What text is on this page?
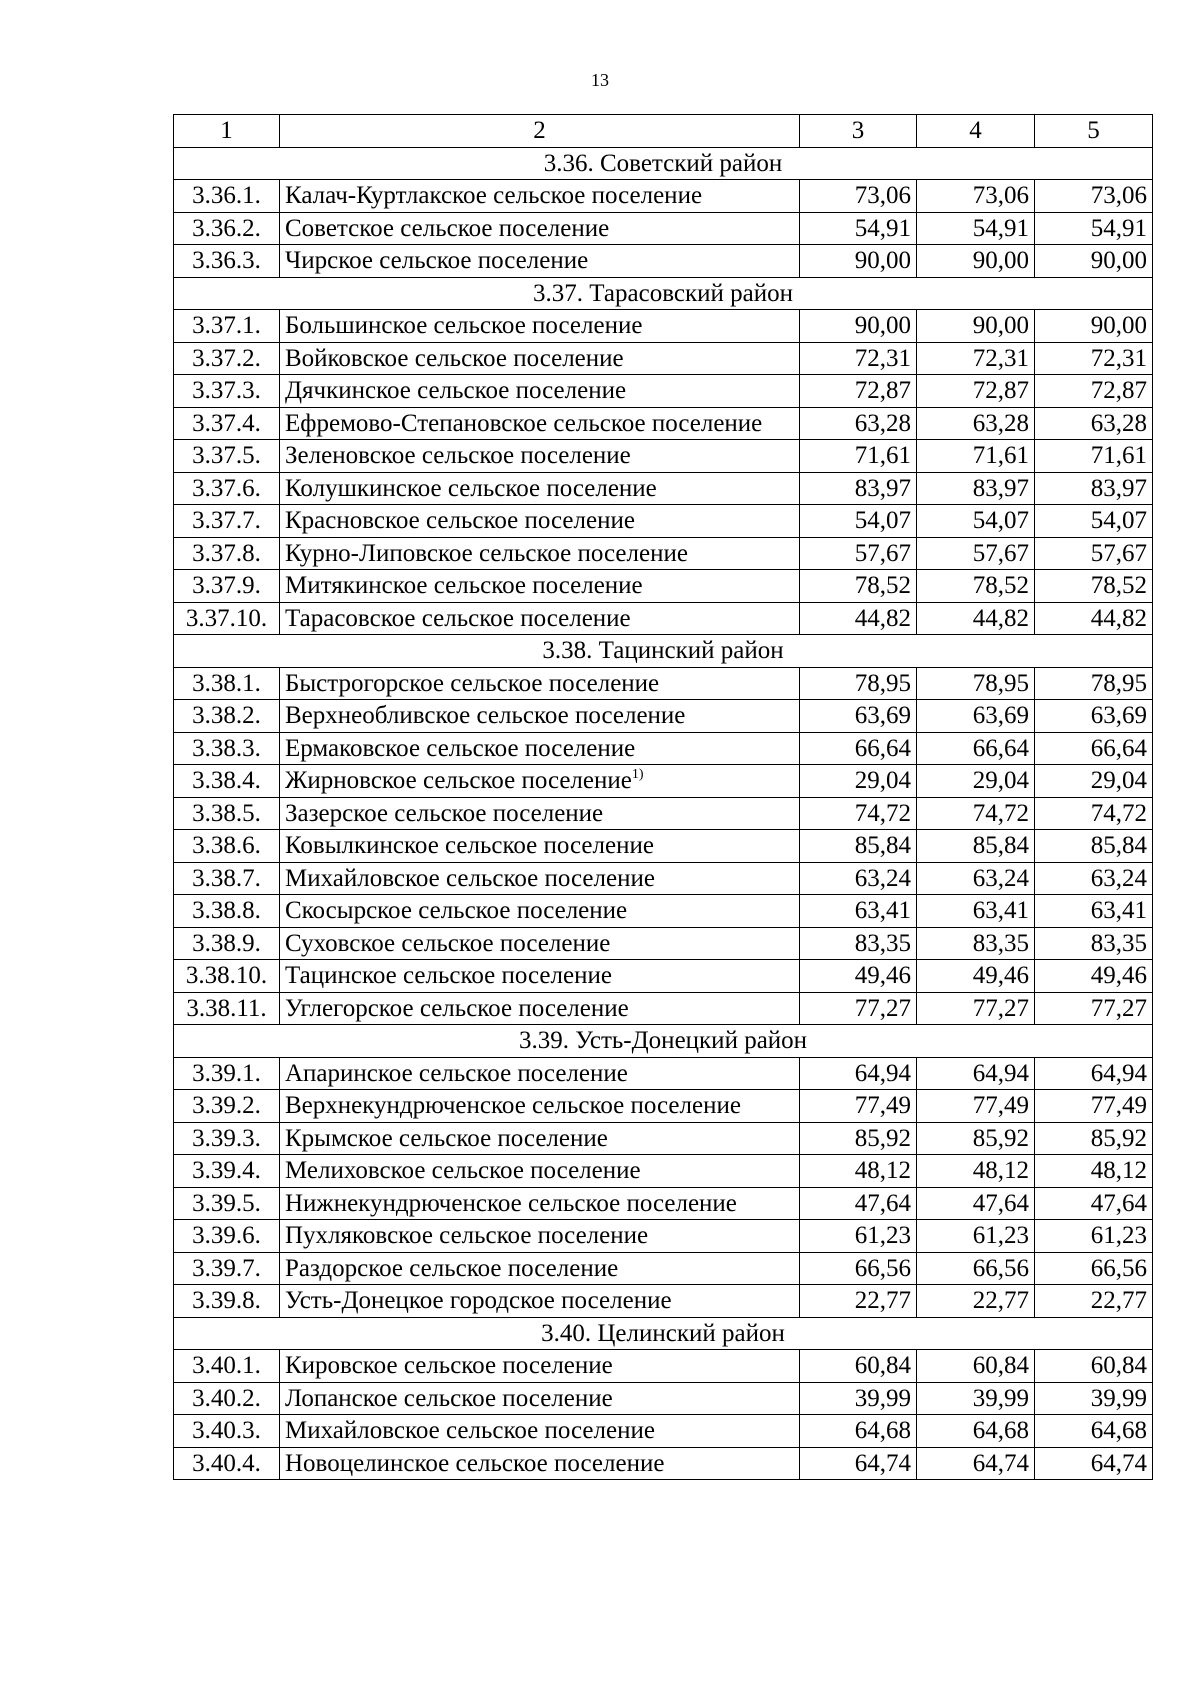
13
1	2	3	4	5
3.36. Советский район				
3.36.1.	Калач-Куртлакское сельское поселение	73,06	73,06	73,06
3.36.2.	Советское сельское поселение	54,91	54,91	54,91
3.36.3.	Чирское сельское поселение	90,00	90,00	90,00
3.37. Тарасовский район				
3.37.1.	Большинское сельское поселение	90,00	90,00	90,00
3.37.2.	Войковское сельское поселение	72,31	72,31	72,31
3.37.3.	Дячкинское сельское поселение	72,87	72,87	72,87
3.37.4.	Ефремово-Степановское сельское поселение	63,28	63,28	63,28
3.37.5.	Зеленовское сельское поселение	71,61	71,61	71,61
3.37.6.	Колушкинское сельское поселение	83,97	83,97	83,97
3.37.7.	Красновское сельское поселение	54,07	54,07	54,07
3.37.8.	Курно-Липовское сельское поселение	57,67	57,67	57,67
3.37.9.	Митякинское сельское поселение	78,52	78,52	78,52
3.37.10.	Тарасовское сельское поселение	44,82	44,82	44,82
3.38. Тацинский район				
3.38.1.	Быстрогорское сельское поселение	78,95	78,95	78,95
3.38.2.	Верхнеобливское сельское поселение	63,69	63,69	63,69
3.38.3.	Ермаковское сельское поселение	66,64	66,64	66,64
3.38.4.	Жирновское сельское поселение$^{1)}$	29,04	29,04	29,04
3.38.5.	Зазерское сельское поселение	74,72	74,72	74,72
3.38.6.	Ковылкинское сельское поселение	85,84	85,84	85,84
3.38.7.	Михайловское сельское поселение	63,24	63,24	63,24
3.38.8.	Скосырское сельское поселение	63,41	63,41	63,41
3.38.9.	Суховское сельское поселение	83,35	83,35	83,35
3.38.10.	Тацинское сельское поселение	49,46	49,46	49,46
3.38.11.	Углегорское сельское поселение	77,27	77,27	77,27
3.39. Усть-Донецкий район				
3.39.1.	Апаринское сельское поселение	64,94	64,94	64,94
3.39.2.	Верхнекундрюченское сельское поселение	77,49	77,49	77,49
3.39.3.	Крымское сельское поселение	85,92	85,92	85,92
3.39.4.	Мелиховское сельское поселение	48,12	48,12	48,12
3.39.5.	Нижнекундрюченское сельское поселение	47,64	47,64	47,64
3.39.6.	Пухляковское сельское поселение	61,23	61,23	61,23
3.39.7.	Раздорское сельское поселение	66,56	66,56	66,56
3.39.8.	Усть-Донецкое городское поселение	22,77	22,77	22,77
3.40. Целинский район				
3.40.1.	Кировское сельское поселение	60,84	60,84	60,84
3.40.2.	Лопанское сельское поселение	39,99	39,99	39,99
3.40.3.	Михайловское сельское поселение	64,68	64,68	64,68
3.40.4.	Новоцелинское сельское поселение	64,74	64,74	64,74
